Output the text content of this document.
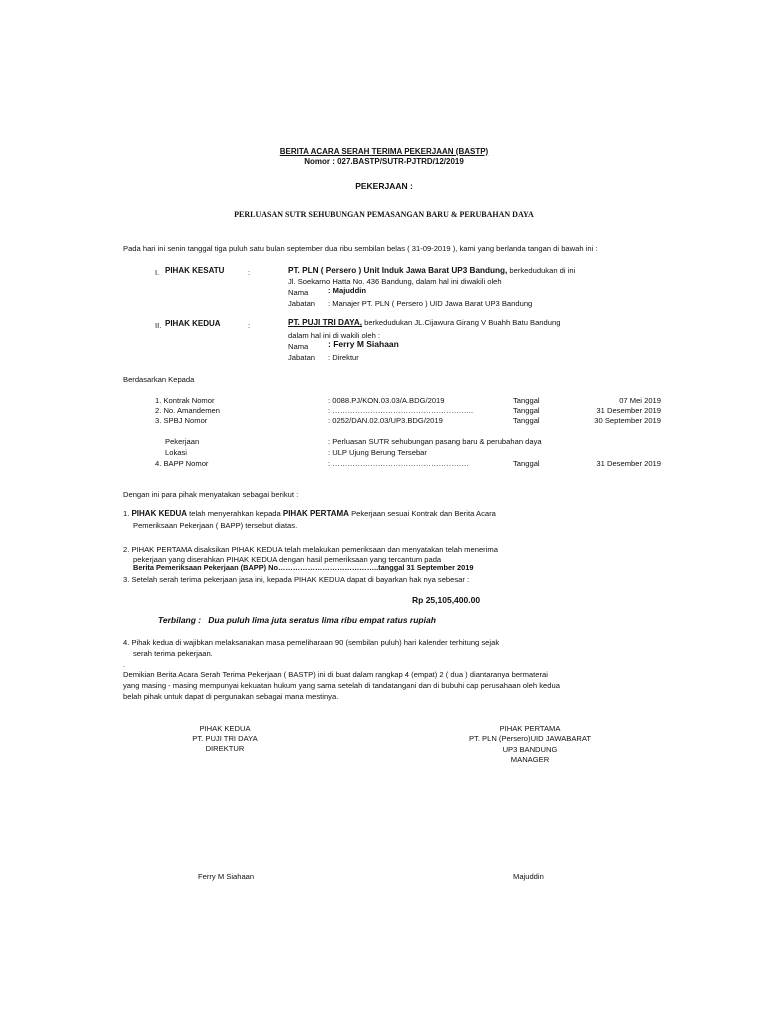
BERITA ACARA SERAH TERIMA PEKERJAAN (BASTP)
Nomor : 027.BASTP/SUTR-PJTRD/12/2019
PEKERJAAN :
PERLUASAN SUTR SEHUBUNGAN PEMASANGAN BARU & PERUBAHAN DAYA
Pada hari ini senin tanggal tiga puluh satu bulan september dua ribu sembilan belas ( 31-09-2019 ), kami yang berlanda tangan di bawah ini :
I. PIHAK KESATU	:	PT. PLN ( Persero ) Unit Induk Jawa Barat UP3 Bandung, berkedudukan di ini
Jl. Soekarno Hatta No. 436 Bandung, dalam hal ini diwakili oleh
Nama	: Majuddin
Jabatan : Manajer PT. PLN ( Persero ) UID Jawa Barat UP3 Bandung
II. PIHAK KEDUA	:	PT. PUJI TRI DAYA, berkedudukan JL.Cijawura Girang V Buahh Batu Bandung
dalam hal ini di wakili oleh :
Nama : Ferry M Siahaan
Jabatan : Direktur
Berdasarkan Kepada
1. Kontrak Nomor	: 0088.PJ/KON.03.03/A.BDG/2019	Tanggal	07 Mei 2019
2. No. Amandemen	: ………………………………………………..	Tanggal	31 Desember 2019
3. SPBJ Nomor	: 0252/DAN.02.03/UP3.BDG/2019	Tanggal	30 September 2019
Pekerjaan	: Perluasan SUTR sehubungan pasang baru & perubahan daya
Lokasi	: ULP Ujung Berung Tersebar
4. BAPP Nomor	: ………………………………………………	Tanggal	31 Desember 2019
Dengan ini para pihak menyatakan sebagai berikut :
1. PIHAK KEDUA telah menyerahkan kepada PIHAK PERTAMA Pekerjaan sesuai Kontrak dan Berita Acara
Pemeriksaan Pekerjaan ( BAPP) tersebut diatas.
2. PIHAK PERTAMA disaksikan PIHAK KEDUA telah melakukan pemeriksaan dan menyatakan telah menerima
pekerjaan yang diserahkan PIHAK KEDUA dengan hasil pemeriksaan yang tercantum pada
Berita Pemeriksaan Pekerjaan (BAPP) No…………………………………..tanggal 31 September 2019
3. Setelah serah terima pekerjaan jasa ini, kepada PIHAK KEDUA dapat di bayarkan hak nya sebesar :
Rp 25,105,400.00
Terbilang : Dua puluh lima juta seratus lima ribu empat ratus rupiah
4. Pihak kedua di wajibkan melaksanakan masa pemeliharaan 90 (sembilan puluh) hari kalender terhitung sejak
serah terima pekerjaan.
.
Demikian Berita Acara Serah Terima Pekerjaan ( BASTP) ini di buat dalam rangkap 4 (empat) 2 ( dua ) diantaranya bermaterai
yang masing - masing mempunyai kekuatan hukum yang sama setelah di tandatangani dan di bubuhi cap perusahaan oleh kedua
belah pihak untuk dapat di pergunakan sebagai mana mestinya.
PIHAK KEDUA
PT. PUJI TRI DAYA
DIREKTUR
PIHAK PERTAMA
PT. PLN (Persero)UID JAWABARAT
UP3 BANDUNG
MANAGER
Ferry M Siahaan	Majuddin
